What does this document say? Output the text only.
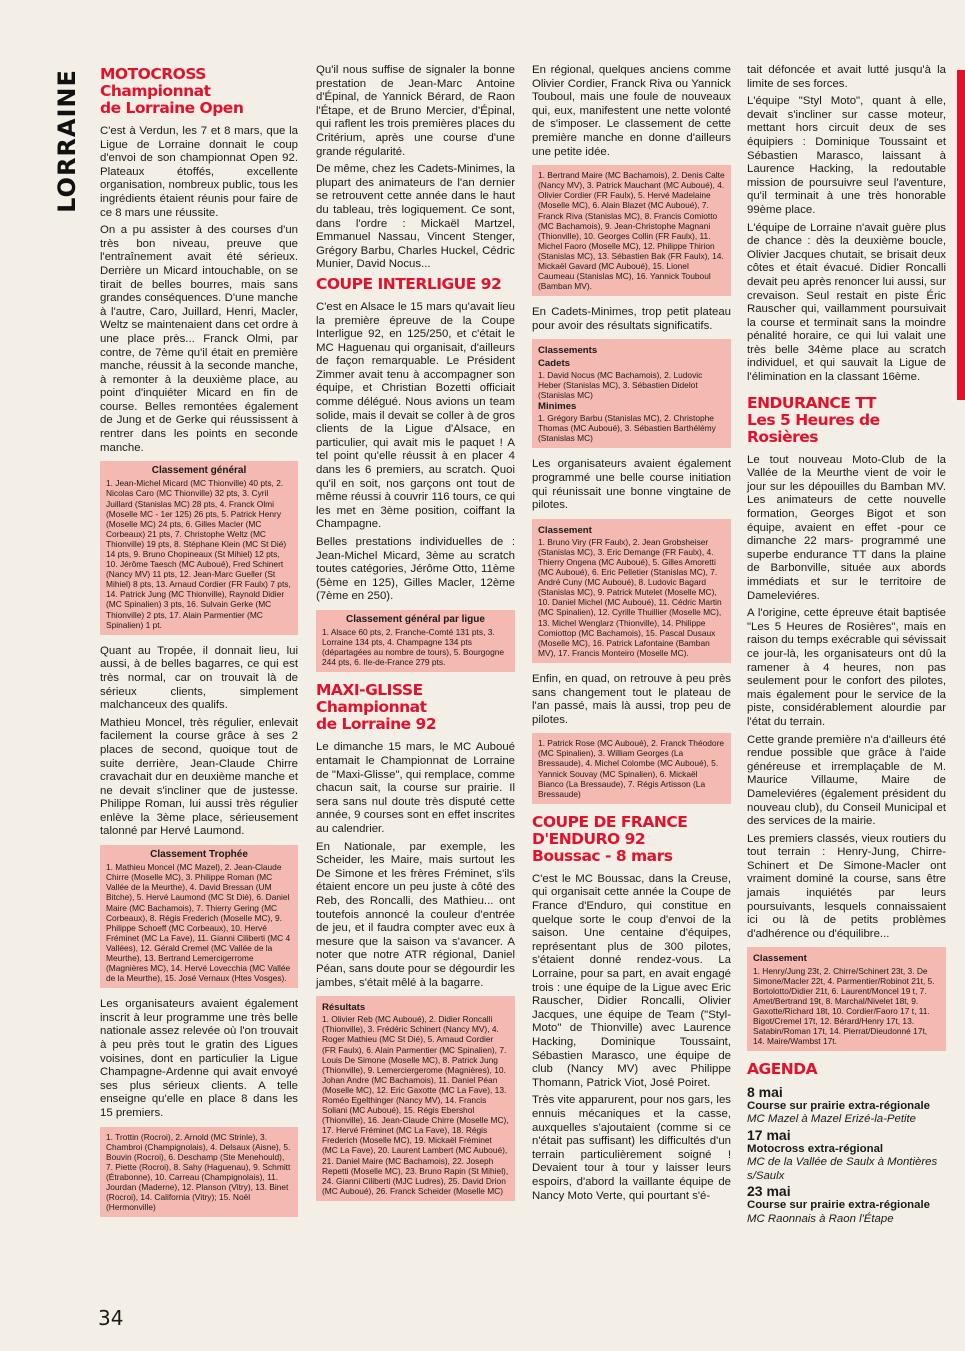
LORRAINE MOTOCROSS
Championnat
de Lorraine Open

C'est à Verdun, les 7 et 8 mars, que la Ligue de Lorraine donnait le coup d'envoi de son championnat Open 92. Plateaux étoffés, excellente organisation, nombreux public, tous les ingrédients étaient réunis pour faire de ce 8 mars une réussite.

On a pu assister à des courses d'un très bon niveau, preuve que l'entraînement avait été sérieux. Derrière un Micard intouchable, on se tirait de belles bourres, mais sans grandes conséquences. D'une manche à l'autre, Caro, Juillard, Henri, Macler, Weltz se maintenaient dans cet ordre à une place près... Franck Olmi, par contre, de 7ème qu'il était en première manche, réussit à la seconde manche, à remonter à la deuxième place, au point d'inquiéter Micard en fin de course. Belles remontées également de Jung et de Gerke qui réussissent à rentrer dans les points en seconde manche.

Classement général
1. Jean-Michel Micard (MC Thionville) 40 pts, 2. Nicolas Caro (MC Thionville) 32 pts, 3. Cyril Juillard (Stanislas MC) 28 pts, 4. Franck Olmi (Moselle MC - 1er 125) 26 pts, 5. Patrick Henry (Moselle MC) 24 pts, 6. Gilles Macler (MC Corbeaux) 21 pts, 7. Christophe Weltz (MC Thionville) 19 pts, 8. Stéphane Klein (MC St Dié) 14 pts, 9. Bruno Chopineaux (St Mihiel) 12 pts, 10. Jérôme Taesch (MC Auboué), Fred Schinert (Nancy MV) 11 pts, 12. Jean-Marc Gueller (St Mihiel) 8 pts, 13. Arnaud Cordier (FR Faulx) 7 pts, 14. Patrick Jung (MC Thionville), Raynold Didier (MC Spinalien) 3 pts, 16. Sulvain Gerke (MC Thionville) 2 pts, 17. Alain Parmentier (MC Spinalien) 1 pt.

Quant au Tropée, il donnait lieu, lui aussi, à de belles bagarres, ce qui est très normal, car on trouvait là de sérieux clients, simplement malchanceux des qualifs.

Mathieu Moncel, très régulier, enlevait facilement la course grâce à ses 2 places de second, quoique tout de suite derrière, Jean-Claude Chirre cravachait dur en deuxième manche et ne devait s'incliner que de justesse. Philippe Roman, lui aussi très régulier enlève la 3ème place, sérieusement talonné par Hervé Laumond.

Classement Trophée
1. Mathieu Moncel (MC Mazel), 2. Jean-Claude Chirre (Moselle MC), 3. Philippe Roman (MC Vallée de la Meurthe), 4. David Bressan (UM Bitche), 5. Hervé Laumond (MC St Dié), 6. Daniel Maire (MC Bachamois), 7. Thierry Gering (MC Corbeaux), 8. Régis Frederich (Moselle MC), 9. Philippe Schoeff (MC Corbeaux), 10. Hervé Fréminet (MC La Fave), 11. Gianni Ciliberti (MC 4 Vallées), 12. Gérald Cremel (MC Vallée de la Meurthe), 13. Bertrand Lemercigerrome (Magnières MC), 14. Hervé Lovecchia (MC Vallée de la Meurthe), 15. José Vernaux (Htes Vosges).

Les organisateurs avaient également inscrit à leur programme une très belle nationale assez relevée où l'on trouvait à peu près tout le gratin des Ligues voisines, dont en particulier la Ligue Champagne-Ardenne qui avait envoyé ses plus sérieux clients. A telle enseigne qu'elle en place 8 dans les 15 premiers.

1. Trottin (Rocroi), 2. Arnold (MC Strinle), 3. Chambroi (Champignolais), 4. Delsaux (Aisne), 5. Bouvin (Rocroi), 6. Deschamp (Ste Menehould), 7. Piette (Rocroi), 8. Sahy (Haguenau), 9. Schmitt (Étrabonne), 10. Carreau (Champignolais), 11. Jourdan (Maderne), 12. Planson (Vitry), 13. Binet (Rocroi), 14. California (Vitry); 15. Noël (Hermonville)

Qu'il nous suffise de signaler la bonne prestation de Jean-Marc Antoine d'Épinal, de Yannick Bérard, de Raon l'Étape, et de Bruno Mercier, d'Épinal, qui raflent les trois premières places du Critérium, après une course d'une grande régularité.

De même, chez les Cadets-Minimes, la plupart des animateurs de l'an dernier se retrouvent cette année dans le haut du tableau, très logiquement. Ce sont, dans l'ordre : Mickaël Martzel, Emmanuel Nassau, Vincent Stenger, Grégory Barbu, Charles Huckel, Cédric Munier, David Nocus...

COUPE INTERLIGUE 92

C'est en Alsace le 15 mars qu'avait lieu la première épreuve de la Coupe Interligue 92, en 125/250, et c'était le MC Haguenau qui organisait, d'ailleurs de façon remarquable. Le Président Zimmer avait tenu à accompagner son équipe, et Christian Bozetti officiait comme délégué. Nous avions un team solide, mais il devait se coller à de gros clients de la Ligue d'Alsace, en particulier, qui avait mis le paquet ! A tel point qu'elle réussit à en placer 4 dans les 6 premiers, au scratch. Quoi qu'il en soit, nos garçons ont tout de même réussi à couvrir 116 tours, ce qui les met en 3ème position, coiffant la Champagne.

Belles prestations individuelles de : Jean-Michel Micard, 3ème au scratch toutes catégories, Jérôme Otto, 11ème (5ème en 125), Gilles Macler, 12ème (7ème en 250).

Classement général par ligue
1. Alsace 60 pts, 2. Franche-Comté 131 pts, 3. Lorraine 134 pts, 4. Champagne 134 pts (départagées au nombre de tours), 5. Bourgogne 244 pts, 6. Ile-de-France 279 pts.
MAXI-GLISSE
Championnat
de Lorraine 92

Le dimanche 15 mars, le MC Auboué entamait le Championnat de Lorraine de "Maxi-Glisse", qui remplace, comme chacun sait, la course sur prairie. Il sera sans nul doute très disputé cette année, 9 courses sont en effet inscrites au calendrier.

En Nationale, par exemple, les Scheider, les Maire, mais surtout les De Simone et les frères Fréminet, s'ils étaient encore un peu juste à côté des Reb, des Roncalli, des Mathieu... ont toutefois annoncé la couleur d'entrée de jeu, et il faudra compter avec eux à mesure que la saison va s'avancer. A noter que notre ATR régional, Daniel Péan, sans doute pour se dégourdir les jambes, s'était mêlé à la bagarre.

Résultats
1. Olivier Reb (MC Auboué), 2. Didier Roncalli (Thionville), 3. Frédéric Schinert (Nancy MV), 4. Roger Mathieu (MC St Dié), 5. Arnaud Cordier (FR Faulx), 6. Alain Parmentier (MC Spinalien), 7. Louis De Simone (Moselle MC), 8. Patrick Jung (Thionville), 9. Lemerciergerome (Magnières), 10. Johan Andre (MC Bachamois), 11. Daniel Péan (Moselle MC), 12. Eric Gaxotte (MC La Fave), 13. Roméo Egelthinger (Nancy MV), 14. Francis Soliani (MC Auboué), 15. Régis Ebershol (Thionville), 16. Jean-Claude Chirre (Moselle MC), 17. Hervé Fréminet (MC La Fave), 18. Régis Frederich (Moselle MC), 19. Mickaël Fréminet (MC La Fave), 20. Laurent Lambert (MC Auboué), 21. Daniel Maire (MC Bachamois), 22. Joseph Repetti (Moselle MC), 23. Bruno Rapin (St Mihiel), 24. Gianni Ciliberti (MJC Ludres), 25. David Drion (MC Auboué), 26. Franck Scheider (Moselle MC)

En régional, quelques anciens comme Olivier Cordier, Franck Riva ou Yannick Touboul, mais une foule de nouveaux qui, eux, manifestent une nette volonté de s'imposer. Le classement de cette première manche en donne d'ailleurs une petite idée.

1. Bertrand Maire (MC Bachamois), 2. Denis Calte (Nancy MV), 3. Patrick Mauchant (MC Auboué), 4. Olivier Cordier (FR Faulx), 5. Hervé Madelaine (Moselle MC), 6. Alain Blazet (MC Auboué), 7. Franck Riva (Stanislas MC), 8. Francis Comiotto (MC Bachamois), 9. Jean-Christophe Magnani (Thionville), 10. Georges Collin (FR Faulx), 11. Michel Faoro (Moselle MC), 12. Philippe Thirion (Stanislas MC), 13. Sébastien Bak (FR Faulx), 14. Mickaël Gavard (MC Auboué), 15. Lionel Caumeau (Stanislas MC), 16. Yannick Touboul (Bamban MV).

En Cadets-Minimes, trop petit plateau pour avoir des résultats significatifs.

Classements
Cadets
1. David Nocus (MC Bachamois), 2. Ludovic Heber (Stanislas MC), 3. Sébastien Didelot (Stanislas MC)
Minimes
1. Grégory Barbu (Stanislas MC), 2. Christophe Thomas (MC Auboué), 3. Sébastien Barthélémy (Stanislas MC)

Les organisateurs avaient également programmé une belle course initiation qui réunissait une bonne vingtaine de pilotes.

Classement
1. Bruno Viry (FR Faulx), 2. Jean Grobsheiser (Stanislas MC), 3. Eric Demange (FR Faulx), 4. Thierry Ongena (MC Auboué), 5. Gilles Amoretti (MC Auboué), 6. Eric Pelletier (Stanislas MC), 7. André Cuny (MC Auboué), 8. Ludovic Bagard (Stanislas MC), 9. Patrick Mutelet (Moselle MC), 10. Daniel Michel (MC Auboué), 11. Cédric Martin (MC Spinalien), 12. Cyrille Thuillier (Moselle MC), 13. Michel Wenglarz (Thionville), 14. Philippe Comiottop (MC Bachamois), 15. Pascal Dusaux (Moselle MC), 16. Patrick Lafontaine (Bamban MV), 17. Francis Monteiro (Moselle MC).

Enfin, en quad, on retrouve à peu près sans changement tout le plateau de l'an passé, mais là aussi, trop peu de pilotes.

1. Patrick Rose (MC Auboué), 2. Franck Théodore (MC Spinalien), 3. William Georges (La Bressaude), 4. Michel Colombe (MC Auboué), 5. Yannick Souvay (MC Spinalien), 6. Mickaël Bianco (La Bressaude), 7. Régis Artisson (La Bressaude)
COUPE DE FRANCE
D'ENDURO 92
Boussac - 8 mars

C'est le MC Boussac, dans la Creuse, qui organisait cette année la Coupe de France d'Enduro, qui constitue en quelque sorte le coup d'envoi de la saison. Une centaine d'équipes, représentant plus de 300 pilotes, s'étaient donné rendez-vous. La Lorraine, pour sa part, en avait engagé trois : une équipe de la Ligue avec Eric Rauscher, Didier Roncalli, Olivier Jacques, une équipe de Team ("Styl-Moto" de Thionville) avec Laurence Hacking, Dominique Toussaint, Sébastien Marasco, une équipe de club (Nancy MV) avec Philippe Thomann, Patrick Viot, José Poiret.

Très vite apparurent, pour nos gars, les ennuis mécaniques et la casse, auxquelles s'ajoutaient (comme si ce n'était pas suffisant) les difficultés d'un terrain particulièrement soigné ! Devaient tour à tour y laisser leurs espoirs, d'abord la vaillante équipe de Nancy Moto Verte, qui pourtant s'é-

tait défoncée et avait lutté jusqu'à la limite de ses forces.

L'équipe "Styl Moto", quant à elle, devait s'incliner sur casse moteur, mettant hors circuit deux de ses équipiers : Dominique Toussaint et Sébastien Marasco, laissant à Laurence Hacking, la redoutable mission de poursuivre seul l'aventure, qu'il terminait à une très honorable 99ème place.

L'équipe de Lorraine n'avait guère plus de chance : dès la deuxième boucle, Olivier Jacques chutait, se brisait deux côtes et était évacué. Didier Roncalli devait peu après renoncer lui aussi, sur crevaison. Seul restait en piste Éric Rauscher qui, vaillamment poursuivait la course et terminait sans la moindre pénalité horaire, ce qui lui valait une très belle 34ème place au scratch individuel, et qui sauvait la Ligue de l'élimination en la classant 16ème.

ENDURANCE TT
Les 5 Heures de Rosières

Le tout nouveau Moto-Club de la Vallée de la Meurthe vient de voir le jour sur les dépouilles du Bamban MV. Les animateurs de cette nouvelle formation, Georges Bigot et son équipe, avaient en effet -pour ce dimanche 22 mars- programmé une superbe endurance TT dans la plaine de Barbonville, située aux abords immédiats et sur le territoire de Dameleviéres.

A l'origine, cette épreuve était baptisée "Les 5 Heures de Rosières", mais en raison du temps exécrable qui sévissait ce jour-là, les organisateurs ont dû la ramener à 4 heures, non pas seulement pour le confort des pilotes, mais également pour le service de la piste, considérablement alourdie par l'état du terrain.

Cette grande première n'a d'ailleurs été rendue possible que grâce à l'aide généreuse et irremplaçable de M. Maurice Villaume, Maire de Dameleviéres (également président du nouveau club), du Conseil Municipal et des services de la mairie.

Les premiers classés, vieux routiers du tout terrain : Henry-Jung, Chirre-Schinert et De Simone-Macler ont vraiment dominé la course, sans être jamais inquiétés par leurs poursuivants, lesquels connaissaient ici ou là de petits problèmes d'adhérence ou d'équilibre...

Classement
1. Henry/Jung 23t, 2. Chirre/Schinert 23t, 3. De Simone/Macler 22t, 4. Parmentier/Robinot 21t, 5. Bortolotto/Didier 21t, 6. Laurent/Moncel 19 t, 7. Amet/Bertrand 19t, 8. Marchal/Nivelet 18t, 9. Gaxotte/Richard 18t, 10. Cordier/Faoro 17 t, 11. Bigot/Cremel 17t, 12. Bérard/Henry 17t, 13. Satabin/Roman 17t, 14. Pierrat/Dieudonné 17t, 14. Maire/Wambst 17t.
AGENDA
8 mai
Course sur prairie extra-régionale
MC Mazel à Mazel Erizé-la-Petite
17 mai
Motocross extra-régional
MC de la Vallée de Saulx à Montières s/Saulx
23 mai
Course sur prairie extra-régionale
MC Raonnais à Raon l'Étape
34
